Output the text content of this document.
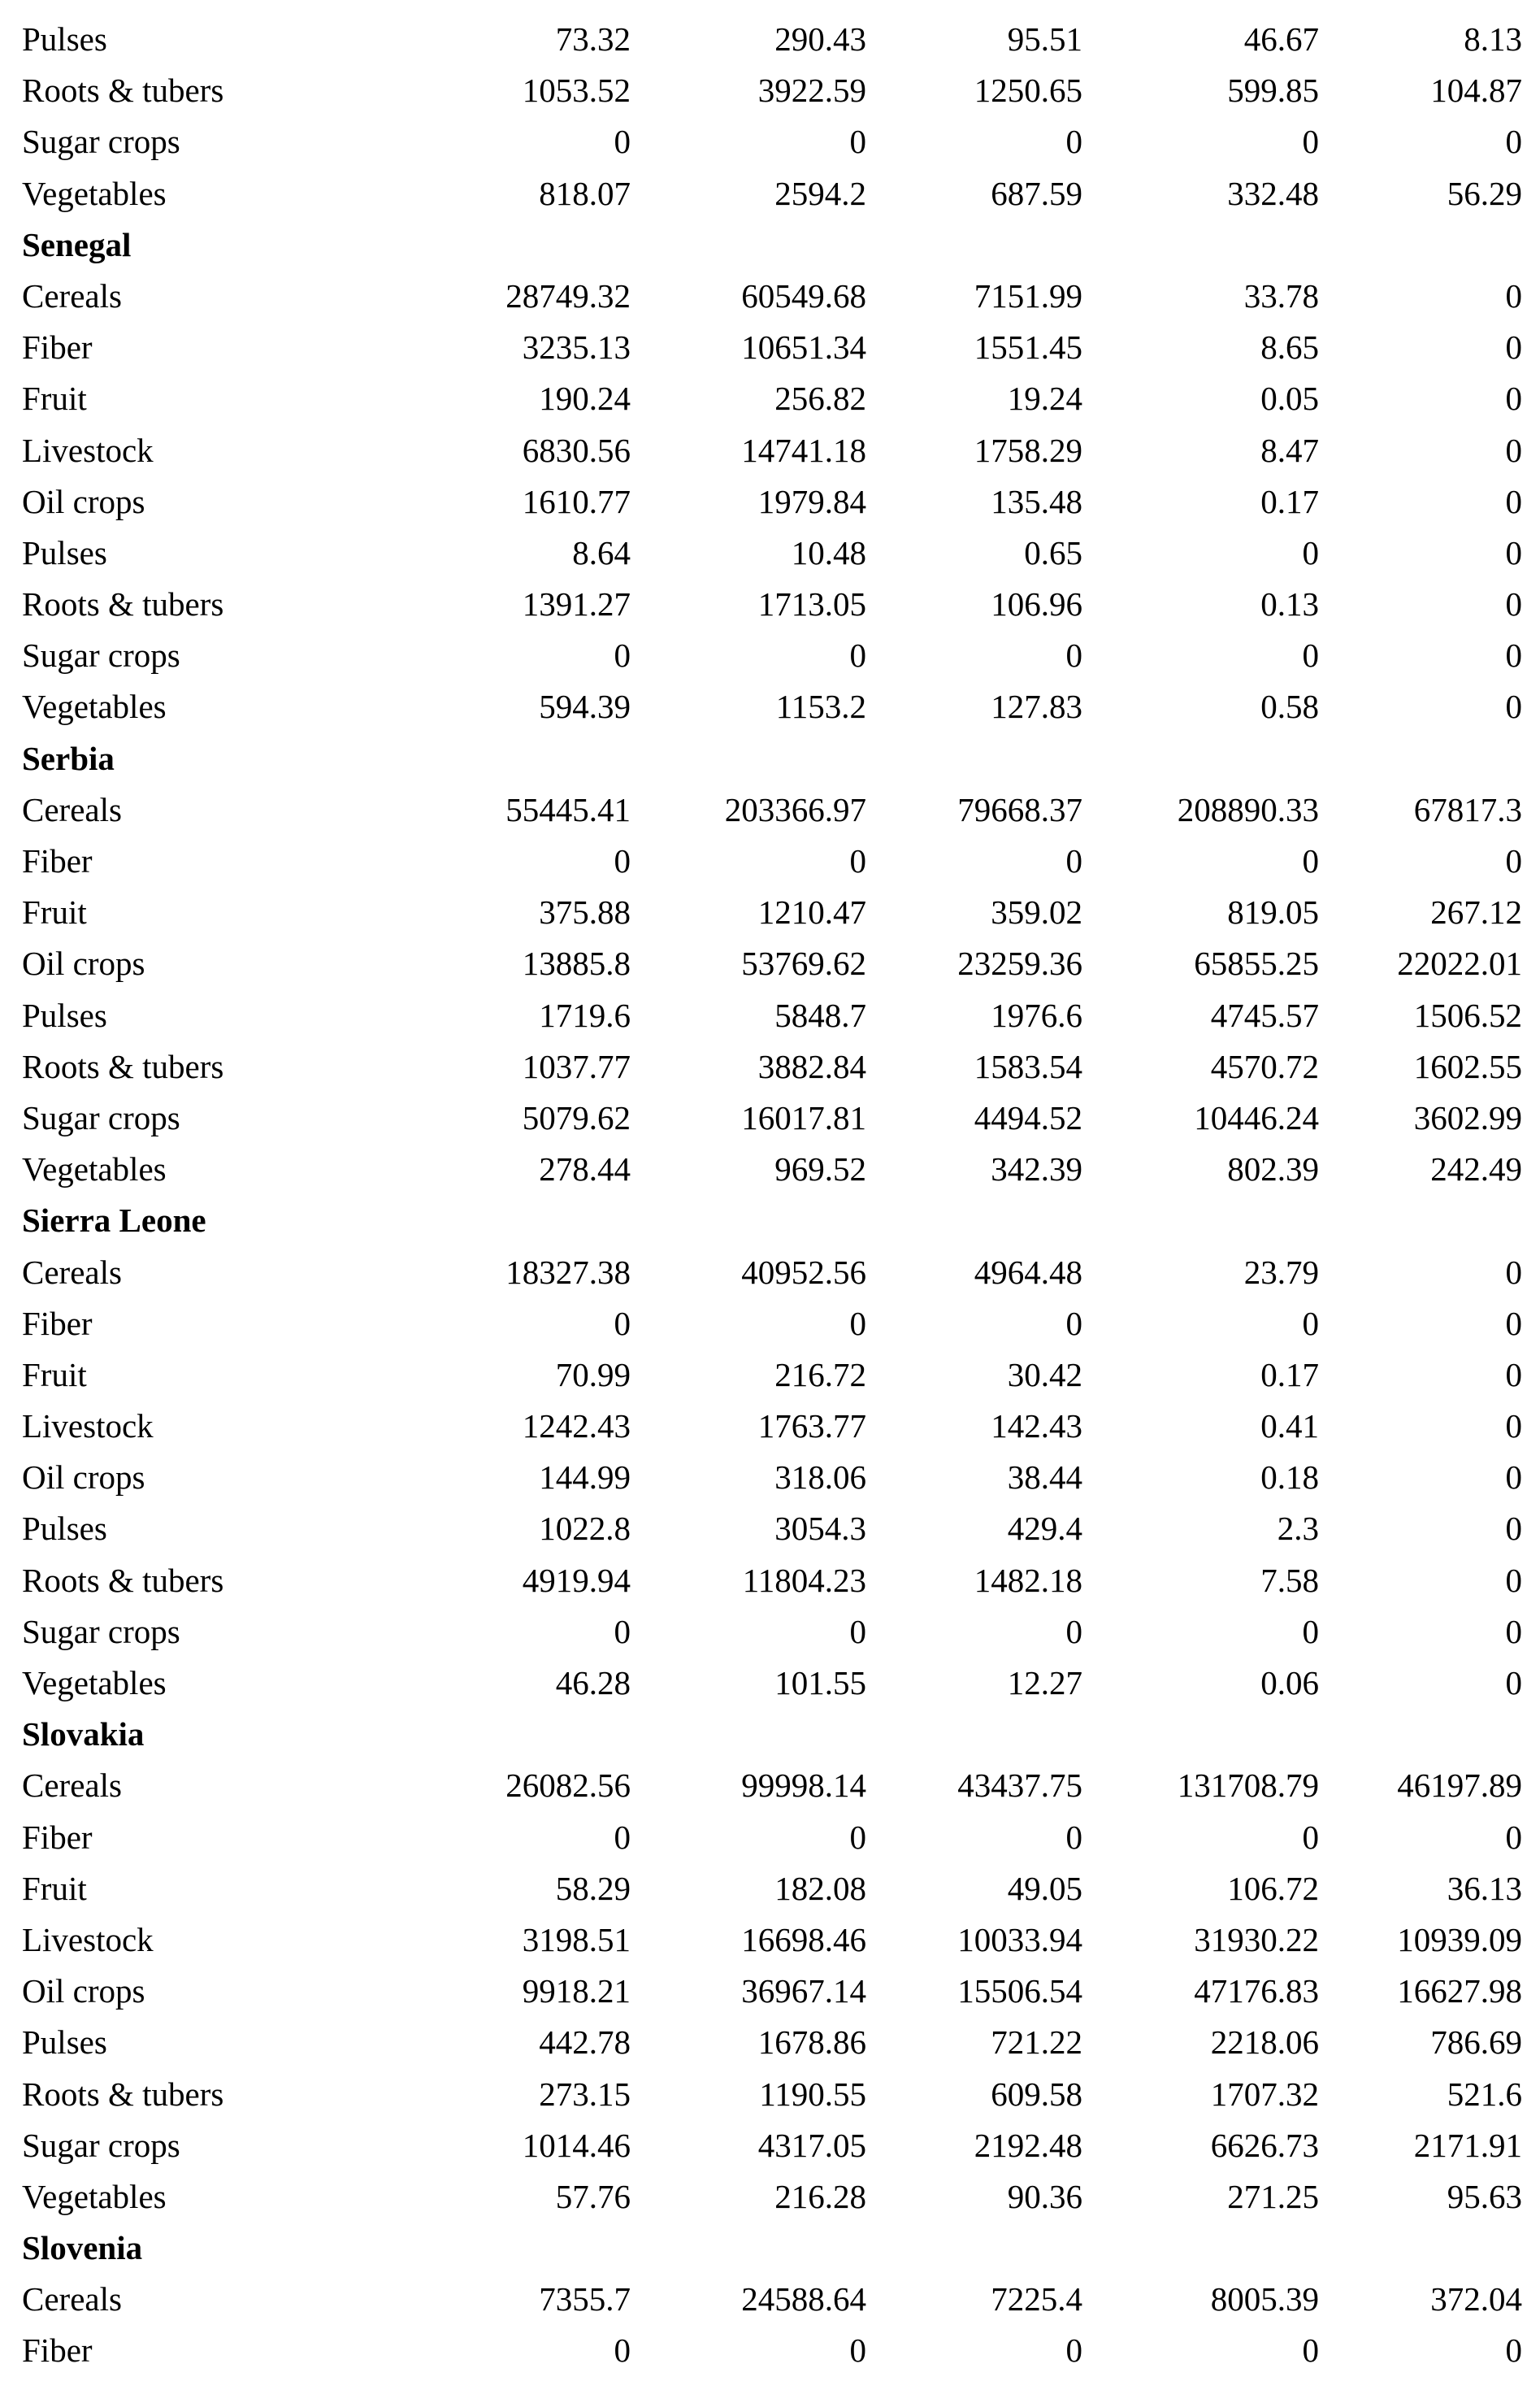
Pulses	73.32	290.43	95.51	46.67	8.13
Roots & tubers	1053.52	3922.59	1250.65	599.85	104.87
Sugar crops	0	0	0	0	0
Vegetables	818.07	2594.2	687.59	332.48	56.29
Senegal
Cereals	28749.32	60549.68	7151.99	33.78	0
Fiber	3235.13	10651.34	1551.45	8.65	0
Fruit	190.24	256.82	19.24	0.05	0
Livestock	6830.56	14741.18	1758.29	8.47	0
Oil crops	1610.77	1979.84	135.48	0.17	0
Pulses	8.64	10.48	0.65	0	0
Roots & tubers	1391.27	1713.05	106.96	0.13	0
Sugar crops	0	0	0	0	0
Vegetables	594.39	1153.2	127.83	0.58	0
Serbia
Cereals	55445.41	203366.97	79668.37	208890.33	67817.3
Fiber	0	0	0	0	0
Fruit	375.88	1210.47	359.02	819.05	267.12
Oil crops	13885.8	53769.62	23259.36	65855.25 22022.01
Pulses	1719.6	5848.7	1976.6	4745.57	1506.52
Roots & tubers	1037.77	3882.84	1583.54	4570.72	1602.55
Sugar crops	5079.62	16017.81	4494.52	10446.24	3602.99
Vegetables	278.44	969.52	342.39	802.39	242.49
Sierra Leone
Cereals	18327.38	40952.56	4964.48	23.79	0
Fiber	0	0	0	0	0
Fruit	70.99	216.72	30.42	0.17	0
Livestock	1242.43	1763.77	142.43	0.41	0
Oil crops	144.99	318.06	38.44	0.18	0
Pulses	1022.8	3054.3	429.4	2.3	0
Roots & tubers	4919.94	11804.23	1482.18	7.58	0
Sugar crops	0	0	0	0	0
Vegetables	46.28	101.55	12.27	0.06	0
Slovakia
Cereals	26082.56	99998.14	43437.75	131708.79 46197.89
Fiber	0	0	0	0	0
Fruit	58.29	182.08	49.05	106.72	36.13
Livestock	3198.51	16698.46	10033.94	31930.22 10939.09
Oil crops	9918.21	36967.14	15506.54	47176.83 16627.98
Pulses	442.78	1678.86	721.22	2218.06	786.69
Roots & tubers	273.15	1190.55	609.58	1707.32	521.6
Sugar crops	1014.46	4317.05	2192.48	6626.73	2171.91
Vegetables	57.76	216.28	90.36	271.25	95.63
Slovenia
Cereals	7355.7	24588.64	7225.4	8005.39	372.04
Fiber	0	0	0	0	0
